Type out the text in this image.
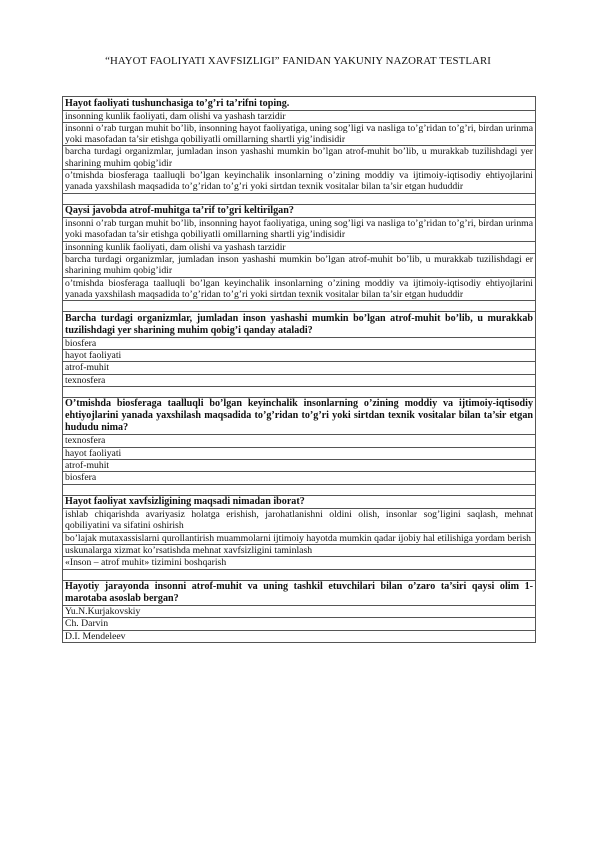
“HAYOT FAOLIYATI XAVFSIZLIGI” FANIDAN YAKUNIY NAZORAT TESTLARI
Hayot faoliyati tushunchasiga to’g’ri ta’rifni toping.
insonning kunlik faoliyati, dam olishi va yashash tarzidir
insonni o’rab turgan muhit bo’lib, insonning hayot faoliyatiga, uning sog’ligi va nasliga to’g’ridan to’g’ri, birdan urinma yoki masofadan ta’sir etishga qobiliyatli omillarning shartli yig’indisidir
barcha turdagi organizmlar, jumladan inson yashashi mumkin bo’lgan atrof-muhit bo’lib, u murakkab tuzilishdagi yer sharining muhim qobig’idir
o’tmishda biosferaga taalluqli bo’lgan keyinchalik insonlarning o’zining moddiy va ijtimoiy-iqtisodiy ehtiyojlarini yanada yaxshilash maqsadida to’g’ridan to’g’ri yoki sirtdan texnik vositalar bilan ta’sir etgan hududdir

Qaysi javobda atrof-muhitga ta’rif to’gri keltirilgan?
insonni o’rab turgan muhit bo’lib, insonning hayot faoliyatiga, uning sog’ligi va nasliga to’g’ridan to’g’ri, birdan urinma yoki masofadan ta’sir etishga qobiliyatli omillarning shartli yig’indisidir
insonning kunlik faoliyati, dam olishi va yashash tarzidir
barcha turdagi organizmlar, jumladan inson yashashi mumkin bo’lgan atrof-muhit bo’lib, u murakkab tuzilishdagi er sharining muhim qobig’idir
o’tmishda biosferaga taalluqli bo’lgan keyinchalik insonlarning o’zining moddiy va ijtimoiy-iqtisodiy ehtiyojlarini yanada yaxshilash maqsadida to’g’ridan to’g’ri yoki sirtdan texnik vositalar bilan ta’sir etgan hududdir

Barcha turdagi organizmlar, jumladan inson yashashi mumkin bo’lgan atrof-muhit bo’lib, u murakkab tuzilishdagi yer sharining muhim qobig’i qanday ataladi?
biosfera
hayot faoliyati
atrof-muhit
texnosfera

O’tmishda biosferaga taalluqli bo’lgan keyinchalik insonlarning o’zining moddiy va ijtimoiy-iqtisodiy ehtiyojlarini yanada yaxshilash maqsadida to’g’ridan to’g’ri yoki sirtdan texnik vositalar bilan ta’sir etgan hududu nima?
texnosfera
hayot faoliyati
atrof-muhit
biosfera

Hayot faoliyat xavfsizligining maqsadi nimadan iborat?
ishlab chiqarishda avariyasiz holatga erishish, jarohatlanishni oldini olish, insonlar sog’ligini saqlash, mehnat qobiliyatini va sifatini oshirish
bo’lajak mutaxassislarni qurollantirish muammolarni ijtimoiy hayotda mumkin qadar ijobiy hal etilishiga yordam berish
uskunalarga xizmat ko’rsatishda mehnat xavfsizligini taminlash
«Inson – atrof muhit» tizimini boshqarish

Hayotiy jarayonda insonni atrof-muhit va uning tashkil etuvchilari bilan o’zaro ta’siri qaysi olim 1-marotaba asoslab bergan?
Yu.N.Kurjakovskiy
Ch. Darvin
D.I. Mendeleev
